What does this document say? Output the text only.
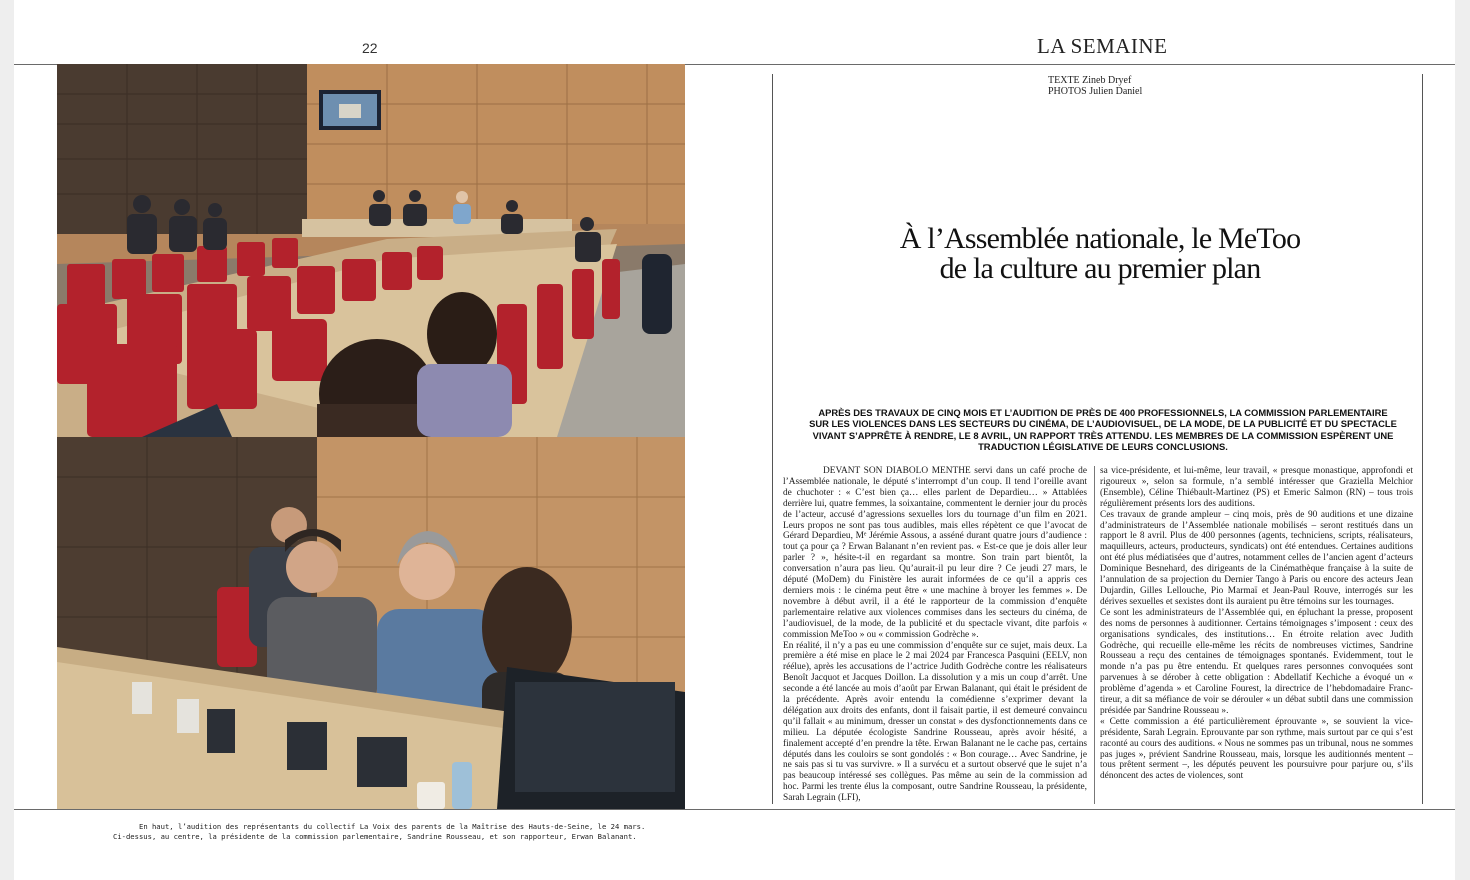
22	LA SEMAINE

En haut, l’audition des représentants du collectif La Voix des parents de la Maîtrise des Hauts-de-Seine, le 24 mars.

Ci-dessus, au centre, la présidente de la commission parlementaire, Sandrine Rousseau, et son rapporteur, Erwan Balanant.

TEXTE Zineb Dryef
PHOTOS Julien Daniel
À l’Assemblée nationale, le MeToo
de la culture au premier plan

APRÈS DES TRAVAUX DE CINQ MOIS ET L’AUDITION DE PRÈS DE 400 PROFESSIONNELS, LA COMMISSION PARLEMENTAIRE SUR LES VIOLENCES DANS LES SECTEURS DU CINÉMA, DE L’AUDIOVISUEL, DE LA MODE, DE LA PUBLICITÉ ET DU SPECTACLE VIVANT S’APPRÊTE À RENDRE, LE 8 AVRIL, UN RAPPORT TRÈS ATTENDU. LES MEMBRES DE LA COMMISSION ESPÈRENT UNE TRADUCTION LÉGISLATIVE DE LEURS CONCLUSIONS.

DEVANT SON DIABOLO MENTHE servi dans un café proche de l’Assemblée nationale, le député s’interrompt d’un coup. Il tend l’oreille avant de chuchoter : « C’est bien ça… elles parlent de Depardieu… » Attablées derrière lui, quatre femmes, la soixantaine, commentent le dernier jour du procès de l’acteur, accusé d’agressions sexuelles lors du tournage d’un film en 2021. Leurs propos ne sont pas tous audibles, mais elles répètent ce que l’avocat de Gérard Depardieu, Mᵉ Jérémie Assous, a asséné durant quatre jours d’audience : tout ça pour ça ? Erwan Balanant n’en revient pas. « Est-ce que je dois aller leur parler ? », hésite-t-il en regardant sa montre. Son train part bientôt, la conversation n’aura pas lieu. Qu’aurait-il pu leur dire ? Ce jeudi 27 mars, le député (MoDem) du Finistère les aurait informées de ce qu’il a appris ces derniers mois : le cinéma peut être « une machine à broyer les femmes ». De novembre à début avril, il a été le rapporteur de la commission d’enquête parlementaire relative aux violences commises dans les secteurs du cinéma, de l’audiovisuel, de la mode, de la publicité et du spectacle vivant, dite parfois « commission MeToo » ou « commission Godrèche ».

En réalité, il n’y a pas eu une commission d’enquête sur ce sujet, mais deux. La première a été mise en place le 2 mai 2024 par Francesca Pasquini (EELV, non réélue), après les accusations de l’actrice Judith Godrèche contre les réalisateurs Benoît Jacquot et Jacques Doillon. La dissolution y a mis un coup d’arrêt. Une seconde a été lancée au mois d’août par Erwan Balanant, qui était le président de la précédente. Après avoir entendu la comédienne s’exprimer devant la délégation aux droits des enfants, dont il faisait partie, il est demeuré convaincu qu’il fallait « au minimum, dresser un constat » des dysfonctionnements dans ce milieu. La députée écologiste Sandrine Rousseau, après avoir hésité, a finalement accepté d’en prendre la tête. Erwan Balanant ne le cache pas, certains députés dans les couloirs se sont gondolés : « Bon courage… Avec Sandrine, je ne sais pas si tu vas survivre. » Il a survécu et a surtout observé que le sujet n’a pas beaucoup intéressé ses collègues. Pas même au sein de la commission ad hoc. Parmi les trente élus la composant, outre Sandrine Rousseau, la présidente, Sarah Legrain (LFI),

sa vice-présidente, et lui-même, leur travail, « presque monastique, approfondi et rigoureux », selon sa formule, n’a semblé intéresser que Graziella Melchior (Ensemble), Céline Thiébault-Martinez (PS) et Emeric Salmon (RN) – tous trois régulièrement présents lors des auditions.

Ces travaux de grande ampleur – cinq mois, près de 90 auditions et une dizaine d’administrateurs de l’Assemblée nationale mobilisés – seront restitués dans un rapport le 8 avril. Plus de 400 personnes (agents, techniciens, scripts, réalisateurs, maquilleurs, acteurs, producteurs, syndicats) ont été entendues. Certaines auditions ont été plus médiatisées que d’autres, notamment celles de l’ancien agent d’acteurs Dominique Besnehard, des dirigeants de la Cinémathèque française à la suite de l’annulation de sa projection du Dernier Tango à Paris ou encore des acteurs Jean Dujardin, Gilles Lellouche, Pio Marmaï et Jean-Paul Rouve, interrogés sur les dérives sexuelles et sexistes dont ils auraient pu être témoins sur les tournages.

Ce sont les administrateurs de l’Assemblée qui, en épluchant la presse, proposent des noms de personnes à auditionner. Certains témoignages s’imposent : ceux des organisations syndicales, des institutions… En étroite relation avec Judith Godrèche, qui recueille elle-même les récits de nombreuses victimes, Sandrine Rousseau a reçu des centaines de témoignages spontanés. Evidemment, tout le monde n’a pas pu être entendu. Et quelques rares personnes convoquées sont parvenues à se dérober à cette obligation : Abdellatif Kechiche a évoqué un « problème d’agenda » et Caroline Fourest, la directrice de l’hebdomadaire Franc-tireur, a dit sa méfiance de voir se dérouler « un débat subtil dans une commission présidée par Sandrine Rousseau ».

« Cette commission a été particulièrement éprouvante », se souvient la vice-présidente, Sarah Legrain. Eprouvante par son rythme, mais surtout par ce qui s’est raconté au cours des auditions. « Nous ne sommes pas un tribunal, nous ne sommes pas juges », prévient Sandrine Rousseau, mais, lorsque les auditionnés mentent – tous prêtent serment –, les députés peuvent les poursuivre pour parjure ou, s’ils dénoncent des actes de violences, sont
